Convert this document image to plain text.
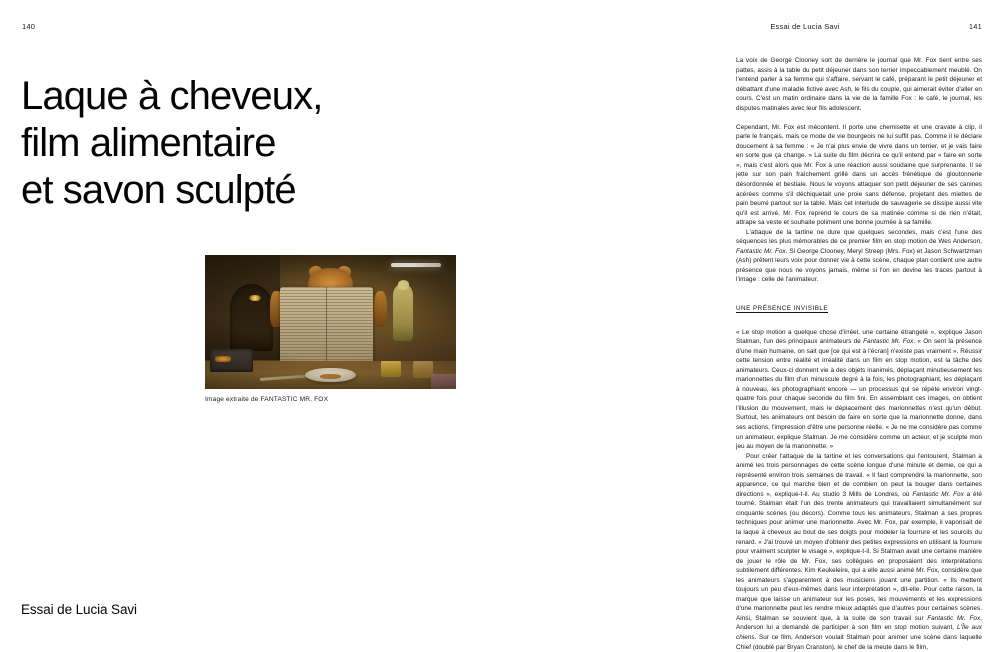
140	Essai de Lucia Savi	141
Laque à cheveux,
film alimentaire
et savon sculpté
Image extraite de FANTASTIC MR. FOX
Essai de Lucia Savi

La voix de George Clooney sort de derrière le journal que Mr. Fox tient entre ses pattes, assis à la table du petit déjeuner dans son terrier impeccablement meublé. On l'entend parler à sa femme qui s'affaire, servant le café, préparant le petit déjeuner et débattant d'une maladie fictive avec Ash, le fils du couple, qui aimerait éviter d'aller en cours. C'est un matin ordinaire dans la vie de la famille Fox : le café, le journal, les disputes matinales avec leur fils adolescent.

Cependant, Mr. Fox est mécontent. Il porte une chemisette et une cravate à clip, il parle le français, mais ce mode de vie bourgeois ne lui suffit pas. Comme il le déclare doucement à sa femme : « Je n'ai plus envie de vivre dans un terrier, et je vais faire en sorte que ça change. » La suite du film décrira ce qu'il entend par « faire en sorte », mais c'est alors que Mr. Fox a une réaction aussi soudaine que surprenante. Il se jette sur son pain fraîchement grillé dans un accès frénétique de gloutonnerie désordonnée et bestiale. Nous le voyons attaquer son petit déjeuner de ses canines acérées comme s'il déchiquetait une proie sans défense, projetant des miettes de pain beurré partout sur la table. Mais cet interlude de sauvagerie se dissipe aussi vite qu'il est arrivé. Mr. Fox reprend le cours de sa matinée comme si de rien n'était, attrape sa veste et souhaite poliment une bonne journée à sa famille.

L'attaque de la tartine ne dure que quelques secondes, mais c'est l'une des séquences les plus mémorables de ce premier film en stop motion de Wes Anderson, Fantastic Mr. Fox. Si George Clooney, Meryl Streep (Mrs. Fox) et Jason Schwartzman (Ash) prêtent leurs voix pour donner vie à cette scène, chaque plan contient une autre présence que nous ne voyons jamais, même si l'on en devine les traces partout à l'image : celle de l'animateur.

UNE PRÉSENCE INVISIBLE

« Le stop motion a quelque chose d'irréel, une certaine étrangeté », explique Jason Stalman, l'un des principaux animateurs de Fantastic Mr. Fox. « On sent la présence d'une main humaine, on sait que [ce qui est à l'écran] n'existe pas vraiment ». Réussir cette tension entre réalité et irréalité dans un film en stop motion, est la tâche des animateurs. Ceux-ci donnent vie à des objets inanimés, déplaçant minutieusement les marionnettes du film d'un minuscule degré à la fois, les photographiant, les déplaçant à nouveau, les photographiant encore — un processus qui se répète environ vingt-quatre fois pour chaque seconde du film fini. En assemblant ces images, on obtient l'illusion du mouvement, mais le déplacement des marionnettes n'est qu'un début. Surtout, les animateurs ont besoin de faire en sorte que la marionnette donne, dans ses actions, l'impression d'être une personne réelle. « Je ne me considère pas comme un animateur, explique Stalman. Je me considère comme un acteur, et je sculpte mon jeu au moyen de la marionnette. »

Pour créer l'attaque de la tartine et les conversations qui l'entourent, Stalman a animé les trois personnages de cette scène longue d'une minute et demie, ce qui a représenté environ trois semaines de travail. « Il faut comprendre la marionnette, son apparence, ce qui marche bien et de combien on peut la bouger dans certaines directions », explique-t-il. Au studio 3 Mills de Londres, où Fantastic Mr. Fox a été tourné, Stalman était l'un des trente animateurs qui travaillaient simultanément sur cinquante scènes (ou décors). Comme tous les animateurs, Stalman a ses propres techniques pour animer une marionnette. Avec Mr. Fox, par exemple, il vaporisait de la laque à cheveux au bout de ses doigts pour modeler la fourrure et les sourcils du renard. « J'ai trouvé un moyen d'obtenir des petites expressions en utilisant la fourrure pour vraiment sculpter le visage », explique-t-il. Si Stalman avait une certaine manière de jouer le rôle de Mr. Fox, ses collègues en proposaient des interprétations subtilement différentes. Kim Keukeleire, qui a elle aussi animé Mr. Fox, considère que les animateurs s'apparentent à des musiciens jouant une partition. « Ils mettent toujours un peu d'eux-mêmes dans leur interprétation », dit-elle. Pour cette raison, la marque que laisse un animateur sur les poses, les mouvements et les expressions d'une marionnette peut les rendre mieux adaptés que d'autres pour certaines scènes. Ainsi, Stalman se souvient que, à la suite de son travail sur Fantastic Mr. Fox, Anderson lui a demandé de participer à son film en stop motion suivant, L'Île aux chiens. Sur ce film, Anderson voulait Stalman pour animer une scène dans laquelle Chief (doublé par Bryan Cranston), le chef de la meute dans le film,
